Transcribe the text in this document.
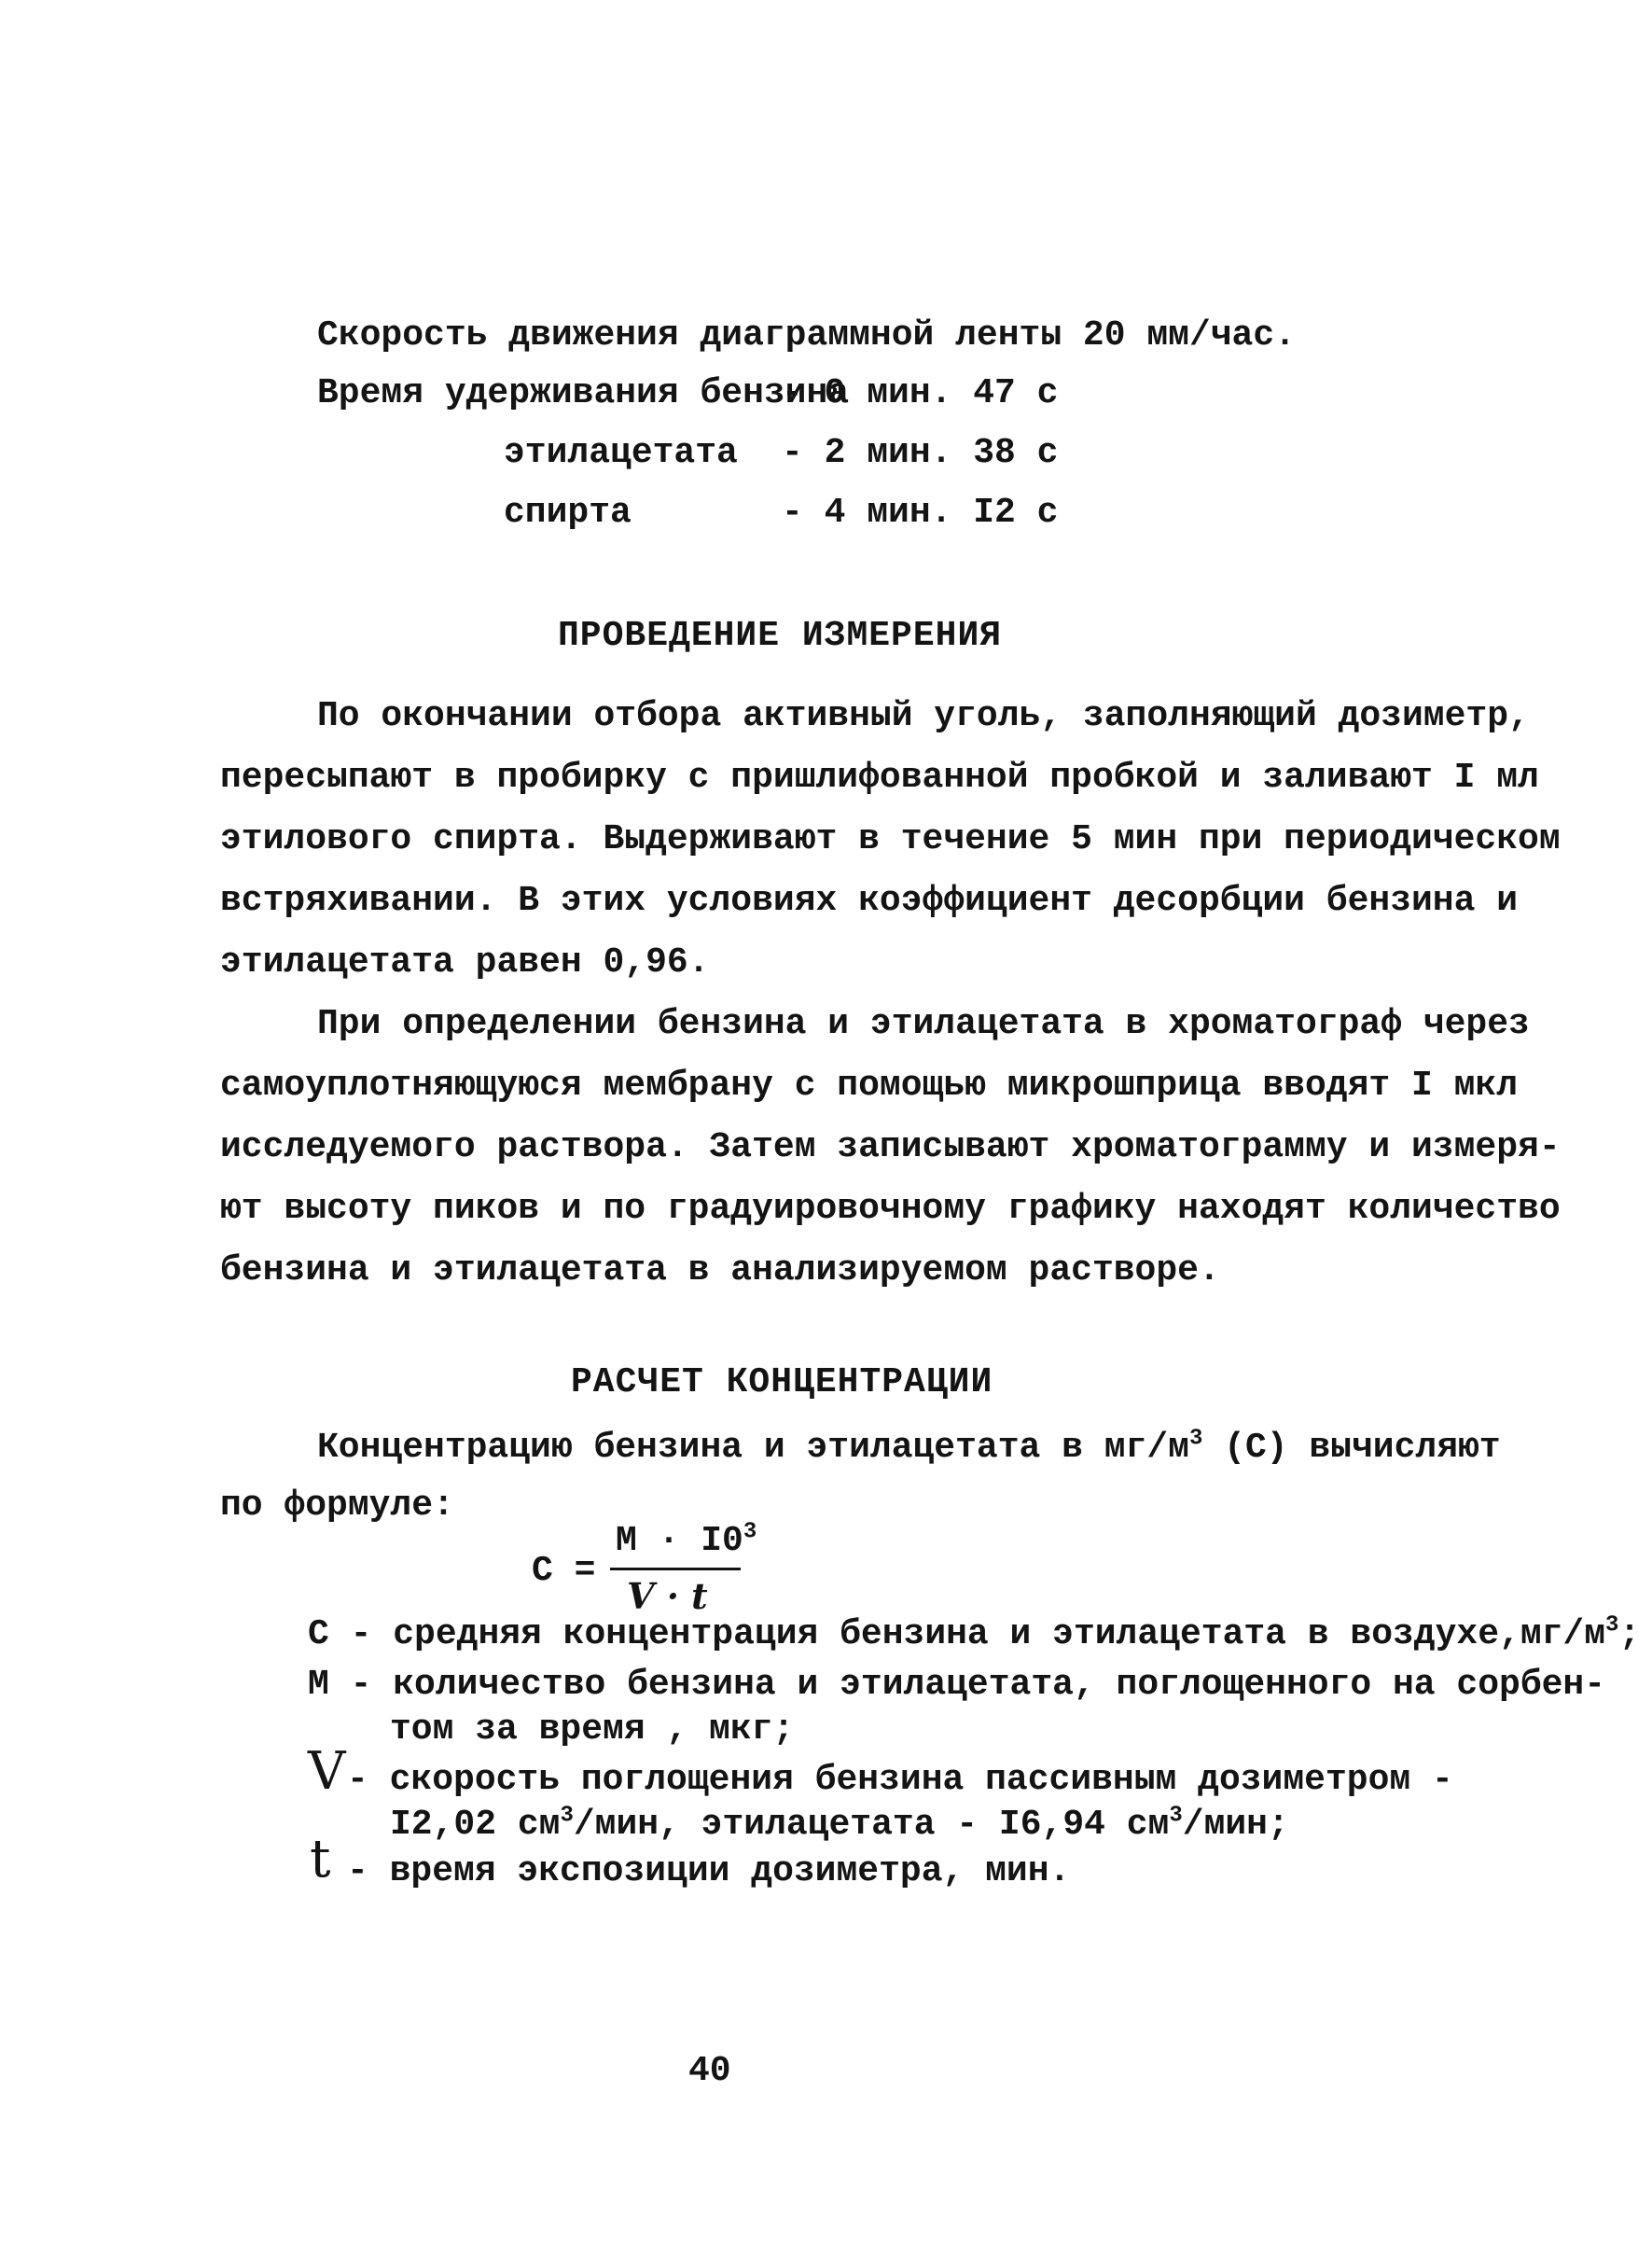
Скорость движения диаграммной ленты 20 мм/час.
Время удерживания бензина
- 0 мин. 47 с
этилацетата - 2 мин. 38 с
спирта	- 4 мин. I2 с
ПРОВЕДЕНИЕ ИЗМЕРЕНИЯ
По окончании отбора активный уголь, заполняющий дозиметр,
пересыпают в пробирку с пришлифованной пробкой и заливают I мл
этилового спирта. Выдерживают в течение 5 мин при периодическом
встряхивании. В этих условиях коэффициент десорбции бензина и
этилацетата равен 0,96.
При определении бензина и этилацетата в хроматограф через
самоуплотняющуюся мембрану с помощью микрошприца вводят I мкл
исследуемого раствора. Затем записывают хроматограмму и измеря-
ют высоту пиков и по градуировочному графику находят количество
бензина и этилацетата в анализируемом растворе.
РАСЧЕТ КОНЦЕНТРАЦИИ
Концентрацию бензина и этилацетата в $мг/м^3$ (С) вычисляют
по формуле:
С =
$М \cdot I0^3$
V · t
С - средняя концентрация бензина и этилацетата в $воздухе,мг/м^3$;
М - количество бензина и этилацетата, поглощенного на сорбен-
том за время , мкг;
V - скорость поглощения бензина пассивным дозиметром -
I2,02 $см^3$/мин, этилацетата - I6,94 $см^3$/мин;
t - время экспозиции дозиметра, мин.
40
